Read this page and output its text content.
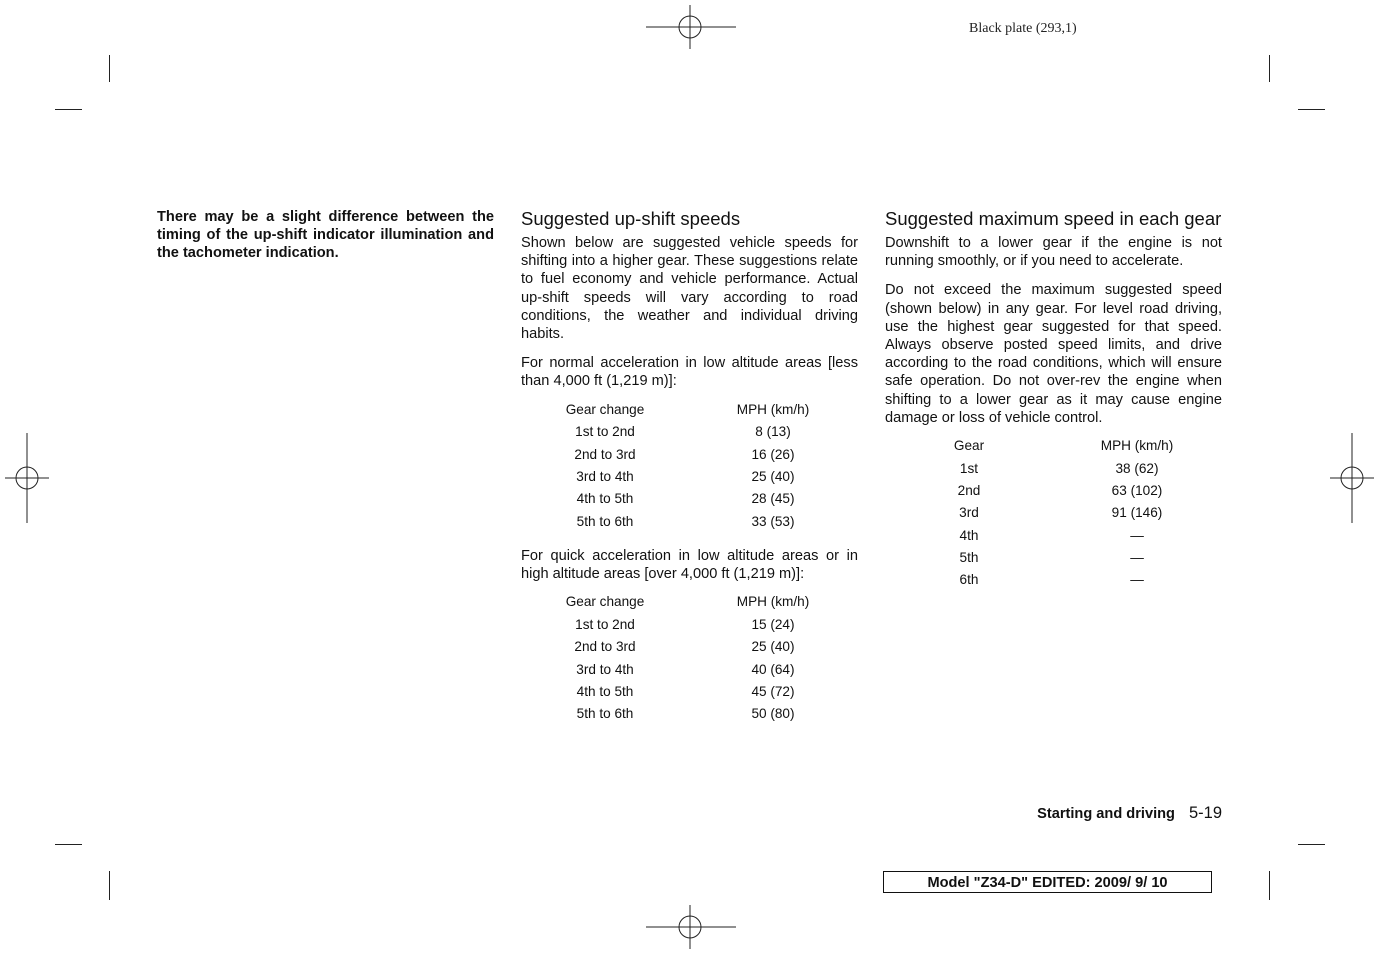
Black plate (293,1)
There may be a slight difference between the timing of the up-shift indicator illumination and the tachometer indication.
Suggested up-shift speeds

Shown below are suggested vehicle speeds for shifting into a higher gear. These suggestions relate to fuel economy and vehicle performance. Actual up-shift speeds will vary according to road conditions, the weather and individual driving habits.

For normal acceleration in low altitude areas [less than 4,000 ft (1,219 m)]:

Gear change	MPH (km/h)
1st to 2nd	8 (13)
2nd to 3rd	16 (26)
3rd to 4th	25 (40)
4th to 5th	28 (45)
5th to 6th	33 (53)

For quick acceleration in low altitude areas or in high altitude areas [over 4,000 ft (1,219 m)]:

Gear change	MPH (km/h)
1st to 2nd	15 (24)
2nd to 3rd	25 (40)
3rd to 4th	40 (64)
4th to 5th	45 (72)
5th to 6th	50 (80)
Suggested maximum speed in each gear

Downshift to a lower gear if the engine is not running smoothly, or if you need to accelerate.

Do not exceed the maximum suggested speed (shown below) in any gear. For level road driving, use the highest gear suggested for that speed. Always observe posted speed limits, and drive according to the road conditions, which will ensure safe operation. Do not over-rev the engine when shifting to a lower gear as it may cause engine damage or loss of vehicle control.

Gear	MPH (km/h)
1st	38 (62)
2nd	63 (102)
3rd	91 (146)
4th	—
5th	—
6th	—
Starting and driving 5-19
Model "Z34-D" EDITED: 2009/ 9/ 10
